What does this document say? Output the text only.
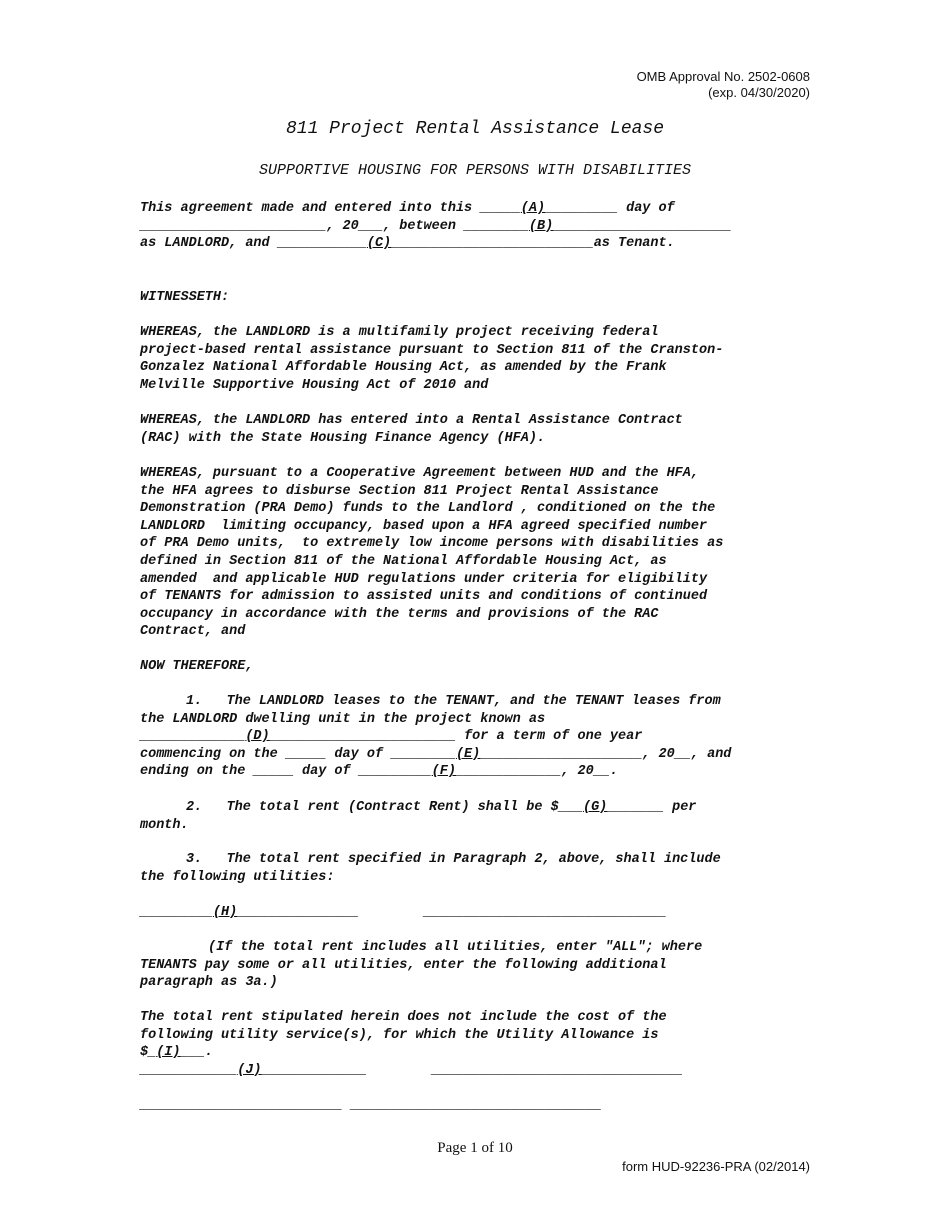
OMB Approval No. 2502-0608
(exp. 04/30/2020)
811 Project Rental Assistance Lease
SUPPORTIVE HOUSING FOR PERSONS WITH DISABILITIES
This agreement made and entered into this _____(A)_________ day of
_______________________, 20___, between ________(B)______________________
as LANDLORD, and ___________(C)_________________________as Tenant.
WITNESSETH:
WHEREAS, the LANDLORD is a multifamily project receiving federal
project-based rental assistance pursuant to Section 811 of the Cranston-
Gonzalez National Affordable Housing Act, as amended by the Frank
Melville Supportive Housing Act of 2010 and
WHEREAS, the LANDLORD has entered into a Rental Assistance Contract
(RAC) with the State Housing Finance Agency (HFA).
WHEREAS, pursuant to a Cooperative Agreement between HUD and the HFA,
the HFA agrees to disburse Section 811 Project Rental Assistance
Demonstration (PRA Demo) funds to the Landlord , conditioned on the the
LANDLORD  limiting occupancy, based upon a HFA agreed specified number
of PRA Demo units,  to extremely low income persons with disabilities as
defined in Section 811 of the National Affordable Housing Act, as
amended  and applicable HUD regulations under criteria for eligibility
of TENANTS for admission to assisted units and conditions of continued
occupancy in accordance with the terms and provisions of the RAC
Contract, and
NOW THEREFORE,
1.   The LANDLORD leases to the TENANT, and the TENANT leases from
the LANDLORD dwelling unit in the project known as
_____________(D)_______________________ for a term of one year
commencing on the _____ day of ________(E)____________________, 20__, and
ending on the _____ day of _________(F)_____________, 20__.
2.   The total rent (Contract Rent) shall be $___(G)_______ per
month.
3.   The total rent specified in Paragraph 2, above, shall include
the following utilities:
_________(H)_______________        ______________________________
(If the total rent includes all utilities, enter "ALL"; where
TENANTS pay some or all utilities, enter the following additional
paragraph as 3a.)
The total rent stipulated herein does not include the cost of the
following utility service(s), for which the Utility Allowance is
$_(I)___.
____________(J)_____________        _______________________________
_________________________ _______________________________
Page 1 of 10
form HUD-92236-PRA (02/2014)
